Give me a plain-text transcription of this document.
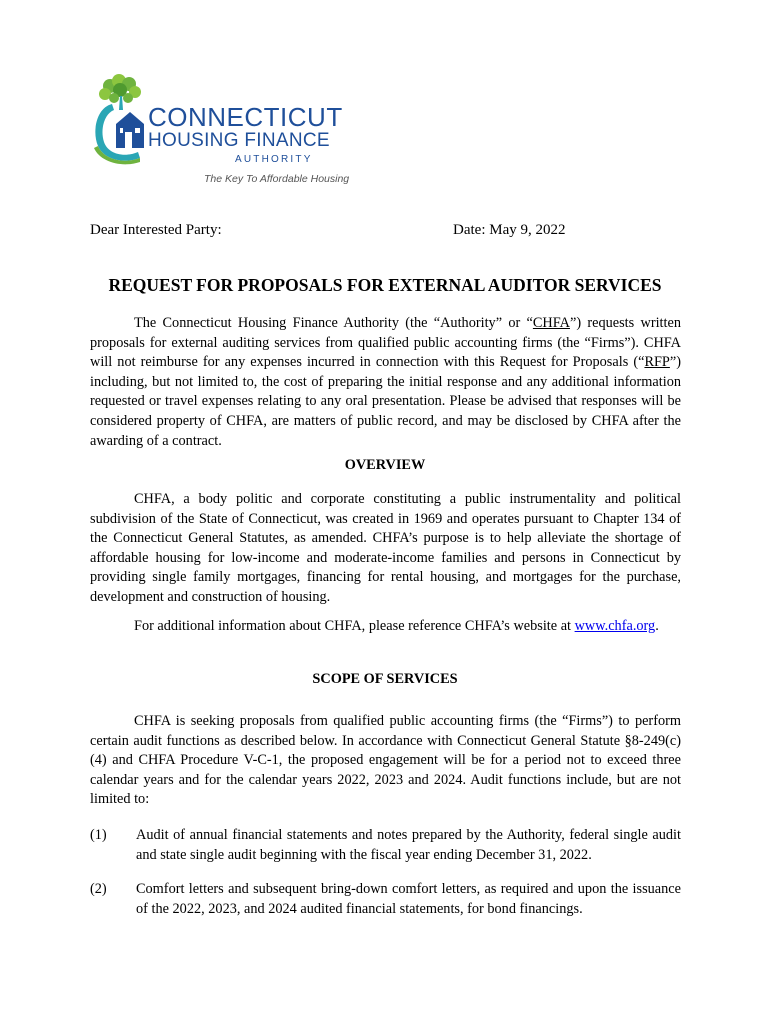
CONNECTICUT
HOUSING FINANCE
AUTHORITY
The Key To Affordable Housing
Dear Interested Party:	Date: May 9, 2022
REQUEST FOR PROPOSALS FOR EXTERNAL AUDITOR SERVICES
The Connecticut Housing Finance Authority (the “Authority” or “CHFA”) requests written proposals for external auditing services from qualified public accounting firms (the “Firms”). CHFA will not reimburse for any expenses incurred in connection with this Request for Proposals (“RFP”) including, but not limited to, the cost of preparing the initial response and any additional information requested or travel expenses relating to any oral presentation. Please be advised that responses will be considered property of CHFA, are matters of public record, and may be disclosed by CHFA after the awarding of a contract.
OVERVIEW
CHFA, a body politic and corporate constituting a public instrumentality and political subdivision of the State of Connecticut, was created in 1969 and operates pursuant to Chapter 134 of the Connecticut General Statutes, as amended. CHFA’s purpose is to help alleviate the shortage of affordable housing for low-income and moderate-income families and persons in Connecticut by providing single family mortgages, financing for rental housing, and mortgages for the purchase, development and construction of housing.
For additional information about CHFA, please reference CHFA’s website at www.chfa.org.
SCOPE OF SERVICES
CHFA is seeking proposals from qualified public accounting firms (the “Firms”) to perform certain audit functions as described below. In accordance with Connecticut General Statute §8-249(c)(4) and CHFA Procedure V-C-1, the proposed engagement will be for a period not to exceed three calendar years and for the calendar years 2022, 2023 and 2024. Audit functions include, but are not limited to:
(1) Audit of annual financial statements and notes prepared by the Authority, federal single audit and state single audit beginning with the fiscal year ending December 31, 2022.
(2) Comfort letters and subsequent bring-down comfort letters, as required and upon the issuance of the 2022, 2023, and 2024 audited financial statements, for bond financings.
